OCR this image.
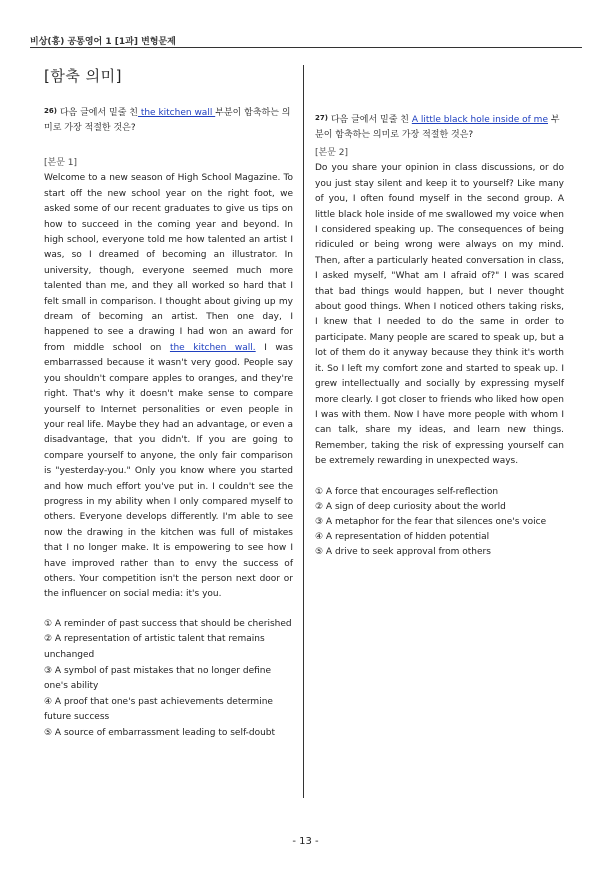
비상(홍) 공통영어 1 [1과] 변형문제
[함축 의미]

$^{26)}$ 다음 글에서 밑줄 친 the kitchen wall 부분이 함축하는 의미로 가장 적절한 것은?

[본문 1]

Welcome to a new season of High School Magazine. To start off the new school year on the right foot, we asked some of our recent graduates to give us tips on how to succeed in the coming year and beyond. In high school, everyone told me how talented an artist I was, so I dreamed of becoming an illustrator. In university, though, everyone seemed much more talented than me, and they all worked so hard that I felt small in comparison. I thought about giving up my dream of becoming an artist. Then one day, I happened to see a drawing I had won an award for from middle school on the kitchen wall. I was embarrassed because it wasn't very good. People say you shouldn't compare apples to oranges, and they're right. That's why it doesn't make sense to compare yourself to Internet personalities or even people in your real life. Maybe they had an advantage, or even a disadvantage, that you didn't. If you are going to compare yourself to anyone, the only fair comparison is "yesterday-you." Only you know where you started and how much effort you've put in. I couldn't see the progress in my ability when I only compared myself to others. Everyone develops differently. I'm able to see now the drawing in the kitchen was full of mistakes that I no longer make. It is empowering to see how I have improved rather than to envy the success of others. Your competition isn't the person next door or the influencer on social media: it's you.

① A reminder of past success that should be cherished
② A representation of artistic talent that remains unchanged
③ A symbol of past mistakes that no longer define one's ability
④ A proof that one's past achievements determine future success
⑤ A source of embarrassment leading to self-doubt

$^{27)}$ 다음 글에서 밑줄 친 A little black hole inside of me 부분이 함축하는 의미로 가장 적절한 것은?

[본문 2]

Do you share your opinion in class discussions, or do you just stay silent and keep it to yourself? Like many of you, I often found myself in the second group. A little black hole inside of me swallowed my voice when I considered speaking up. The consequences of being ridiculed or being wrong were always on my mind. Then, after a particularly heated conversation in class, I asked myself, "What am I afraid of?" I was scared that bad things would happen, but I never thought about good things. When I noticed others taking risks, I knew that I needed to do the same in order to participate. Many people are scared to speak up, but a lot of them do it anyway because they think it's worth it. So I left my comfort zone and started to speak up. I grew intellectually and socially by expressing myself more clearly. I got closer to friends who liked how open I was with them. Now I have more people with whom I can talk, share my ideas, and learn new things. Remember, taking the risk of expressing yourself can be extremely rewarding in unexpected ways.

① A force that encourages self-reflection
② A sign of deep curiosity about the world
③ A metaphor for the fear that silences one's voice
④ A representation of hidden potential
⑤ A drive to seek approval from others
- 13 -
